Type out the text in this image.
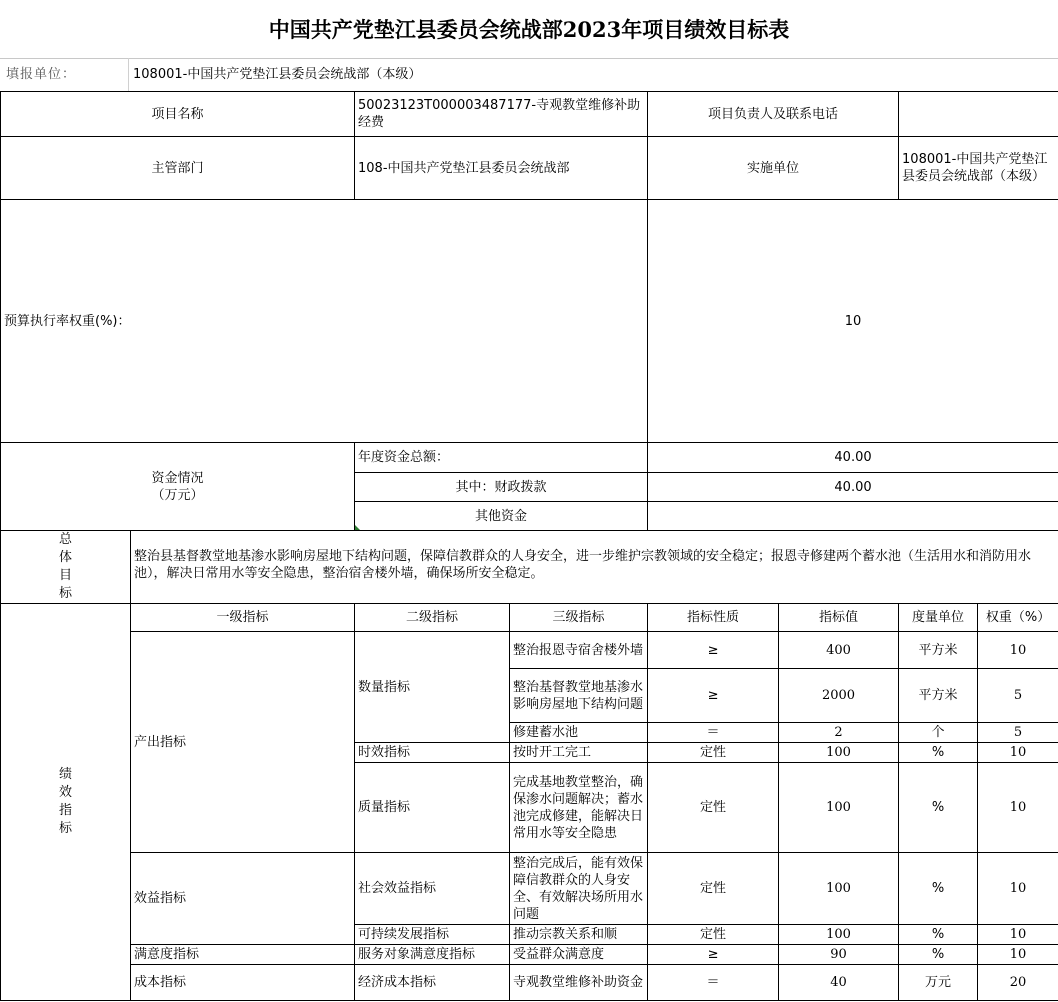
中国共产党垫江县委员会统战部2023年项目绩效目标表
填报单位：	108001-中国共产党垫江县委员会统战部（本级）
项目名称		50023123T000003487177-寺观教堂维修补助经费		项目负责人及联系电话			
主管部门		108-中国共产党垫江县委员会统战部		实施单位		108001-中国共产党垫江县委员会统战部（本级）	
预算执行率权重(%)：				10			
资金情况
（万元）		年度资金总额：		40.00			
		其中：财政拨款		40.00			
		其他资金					

总体目标	整治县基督教堂地基渗水影响房屋地下结构问题，保障信教群众的人身安全，进一步维护宗教领域的安全稳定；报恩寺修建两个蓄水池（生活用水和消防用水池），解决日常用水等安全隐患，整治宿舍楼外墙，确保场所安全稳定。						

绩效指标	一级指标	二级指标	三级指标	指标性质	指标值	度量单位	权重（%）
	产出指标	数量指标	整治报恩寺宿舍楼外墙	≥	400	平方米	10
			整治基督教堂地基渗水影响房屋地下结构问题	≥	2000	平方米	5
			修建蓄水池	＝	2	个	5
		时效指标	按时开工完工	定性	100	%	10
		质量指标	完成基地教堂整治，确保渗水问题解决；蓄水池完成修建，能解决日常用水等安全隐患	定性	100	%	10
	效益指标	社会效益指标	整治完成后，能有效保障信教群众的人身安全、有效解决场所用水问题	定性	100	%	10
		可持续发展指标	推动宗教关系和顺	定性	100	%	10
	满意度指标	服务对象满意度指标	受益群众满意度	≥	90	%	10
	成本指标	经济成本指标	寺观教堂维修补助资金	＝	40	万元	20
